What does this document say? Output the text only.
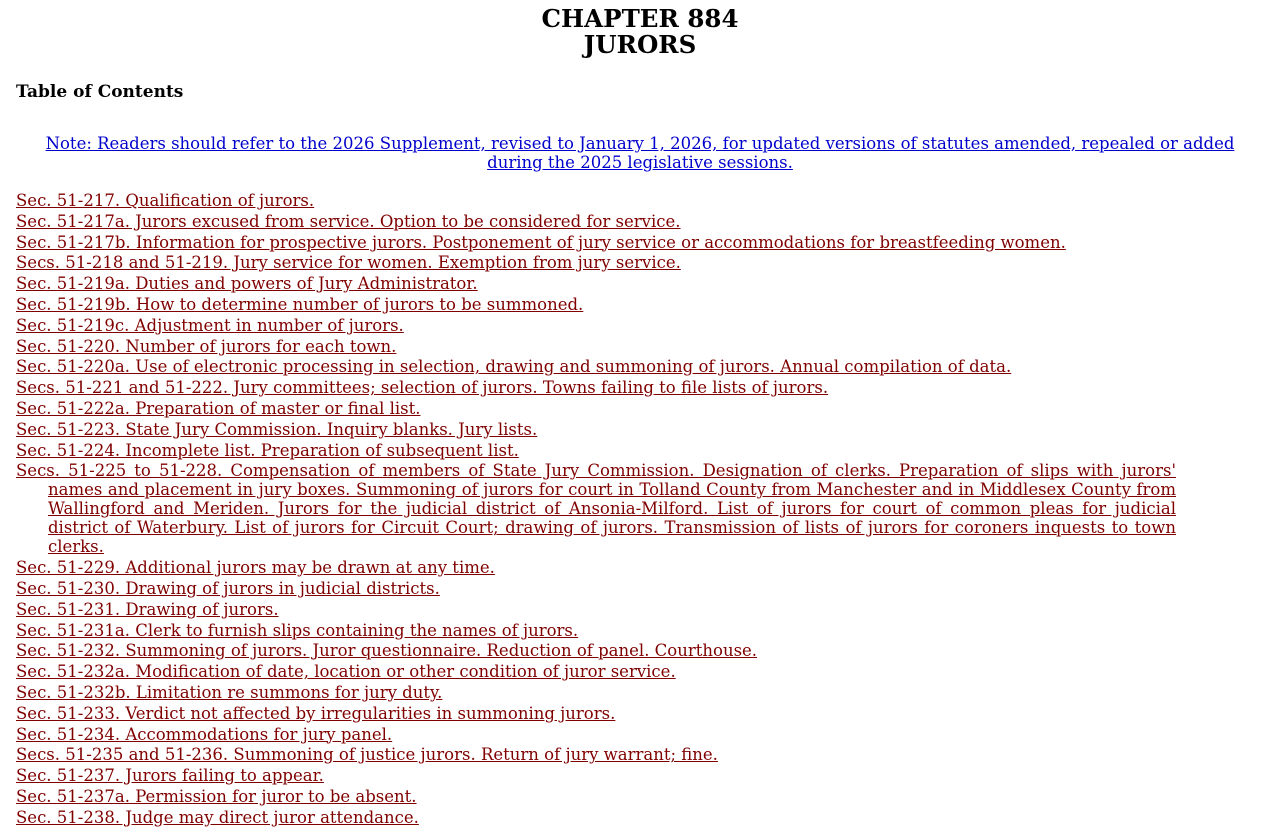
CHAPTER 884
JURORS
Table of Contents
Note: Readers should refer to the 2026 Supplement, revised to January 1, 2026, for updated versions of statutes amended, repealed or added during the 2025 legislative sessions.
Sec. 51-217. Qualification of jurors.
Sec. 51-217a. Jurors excused from service. Option to be considered for service.
Sec. 51-217b. Information for prospective jurors. Postponement of jury service or accommodations for breastfeeding women.
Secs. 51-218 and 51-219. Jury service for women. Exemption from jury service.
Sec. 51-219a. Duties and powers of Jury Administrator.
Sec. 51-219b. How to determine number of jurors to be summoned.
Sec. 51-219c. Adjustment in number of jurors.
Sec. 51-220. Number of jurors for each town.
Sec. 51-220a. Use of electronic processing in selection, drawing and summoning of jurors. Annual compilation of data.
Secs. 51-221 and 51-222. Jury committees; selection of jurors. Towns failing to file lists of jurors.
Sec. 51-222a. Preparation of master or final list.
Sec. 51-223. State Jury Commission. Inquiry blanks. Jury lists.
Sec. 51-224. Incomplete list. Preparation of subsequent list.
Secs. 51-225 to 51-228. Compensation of members of State Jury Commission. Designation of clerks. Preparation of slips with jurors' names and placement in jury boxes. Summoning of jurors for court in Tolland County from Manchester and in Middlesex County from Wallingford and Meriden. Jurors for the judicial district of Ansonia-Milford. List of jurors for court of common pleas for judicial district of Waterbury. List of jurors for Circuit Court; drawing of jurors. Transmission of lists of jurors for coroners inquests to town clerks.
Sec. 51-229. Additional jurors may be drawn at any time.
Sec. 51-230. Drawing of jurors in judicial districts.
Sec. 51-231. Drawing of jurors.
Sec. 51-231a. Clerk to furnish slips containing the names of jurors.
Sec. 51-232. Summoning of jurors. Juror questionnaire. Reduction of panel. Courthouse.
Sec. 51-232a. Modification of date, location or other condition of juror service.
Sec. 51-232b. Limitation re summons for jury duty.
Sec. 51-233. Verdict not affected by irregularities in summoning jurors.
Sec. 51-234. Accommodations for jury panel.
Secs. 51-235 and 51-236. Summoning of justice jurors. Return of jury warrant; fine.
Sec. 51-237. Jurors failing to appear.
Sec. 51-237a. Permission for juror to be absent.
Sec. 51-238. Judge may direct juror attendance.
